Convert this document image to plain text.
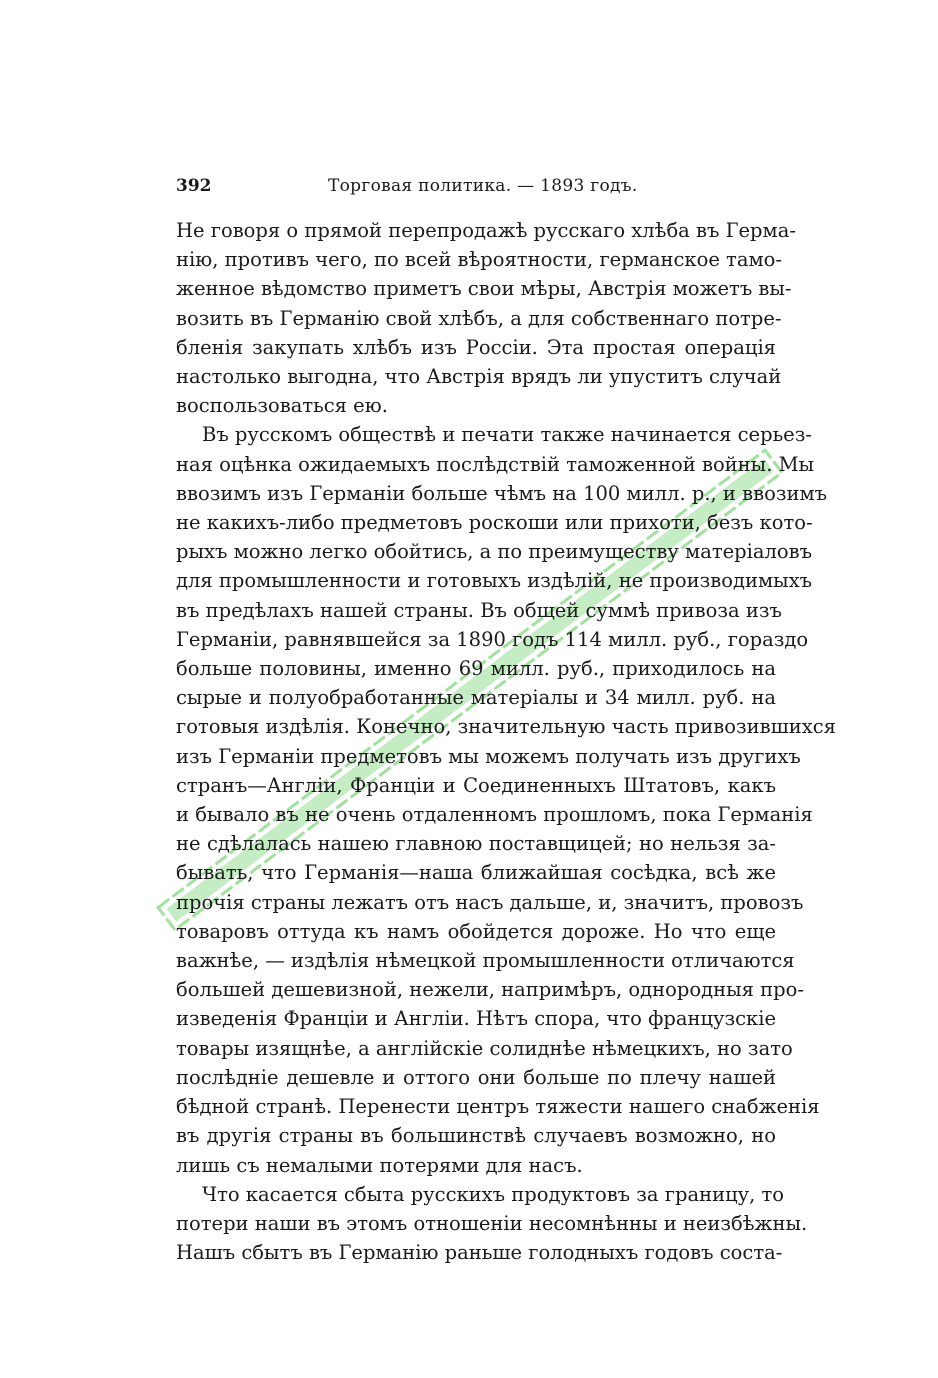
392	Торговая политика. — 1893 годъ.
Не говоря о прямой перепродажѣ русскаго хлѣба въ Герма-
нію, противъ чего, по всей вѣроятности, германское тамо-
женное вѣдомство приметъ свои мѣры, Австрія можетъ вы-
возить въ Германію свой хлѣбъ, а для собственнаго потре-
бленія закупать хлѣбъ изъ Россіи. Эта простая операція
настолько выгодна, что Австрія врядъ ли упуститъ случай
воспользоваться ею.
Въ русскомъ обществѣ и печати также начинается серьез-
ная оцѣнка ожидаемыхъ послѣдствій таможенной войны. Мы
ввозимъ изъ Германіи больше чѣмъ на 100 милл. р., и ввозимъ
не какихъ-либо предметовъ роскоши или прихоти, безъ кото-
рыхъ можно легко обойтись, а по преимуществу матеріаловъ
для промышленности и готовыхъ издѣлій, не производимыхъ
въ предѣлахъ нашей страны. Въ общей суммѣ привоза изъ
Германіи, равнявшейся за 1890 годъ 114 милл. руб., гораздо
больше половины, именно 69 милл. руб., приходилось на
сырые и полуобработанные матеріалы и 34 милл. руб. на
готовыя издѣлія. Конечно, значительную часть привозившихся
изъ Германіи предметовъ мы можемъ получать изъ другихъ
странъ—Англіи, Франціи и Соединенныхъ Штатовъ, какъ
и бывало въ не очень отдаленномъ прошломъ, пока Германія
не сдѣлалась нашею главною поставщицей; но нельзя за-
бывать, что Германія—наша ближайшая сосѣдка, всѣ же
прочія страны лежатъ отъ насъ дальше, и, значитъ, провозъ
товаровъ оттуда къ намъ обойдется дороже. Но что еще
важнѣе, — издѣлія нѣмецкой промышленности отличаются
большей дешевизной, нежели, напримѣръ, однородныя про-
изведенія Франціи и Англіи. Нѣтъ спора, что французскіе
товары изящнѣе, а англійскіе солиднѣе нѣмецкихъ, но зато
послѣдніе дешевле и оттого они больше по плечу нашей
бѣдной странѣ. Перенести центръ тяжести нашего снабженія
въ другія страны въ большинствѣ случаевъ возможно, но
лишь съ немалыми потерями для насъ.
Что касается сбыта русскихъ продуктовъ за границу, то
потери наши въ этомъ отношеніи несомнѣнны и неизбѣжны.
Нашъ сбытъ въ Германію раньше голодныхъ годовъ соста-
